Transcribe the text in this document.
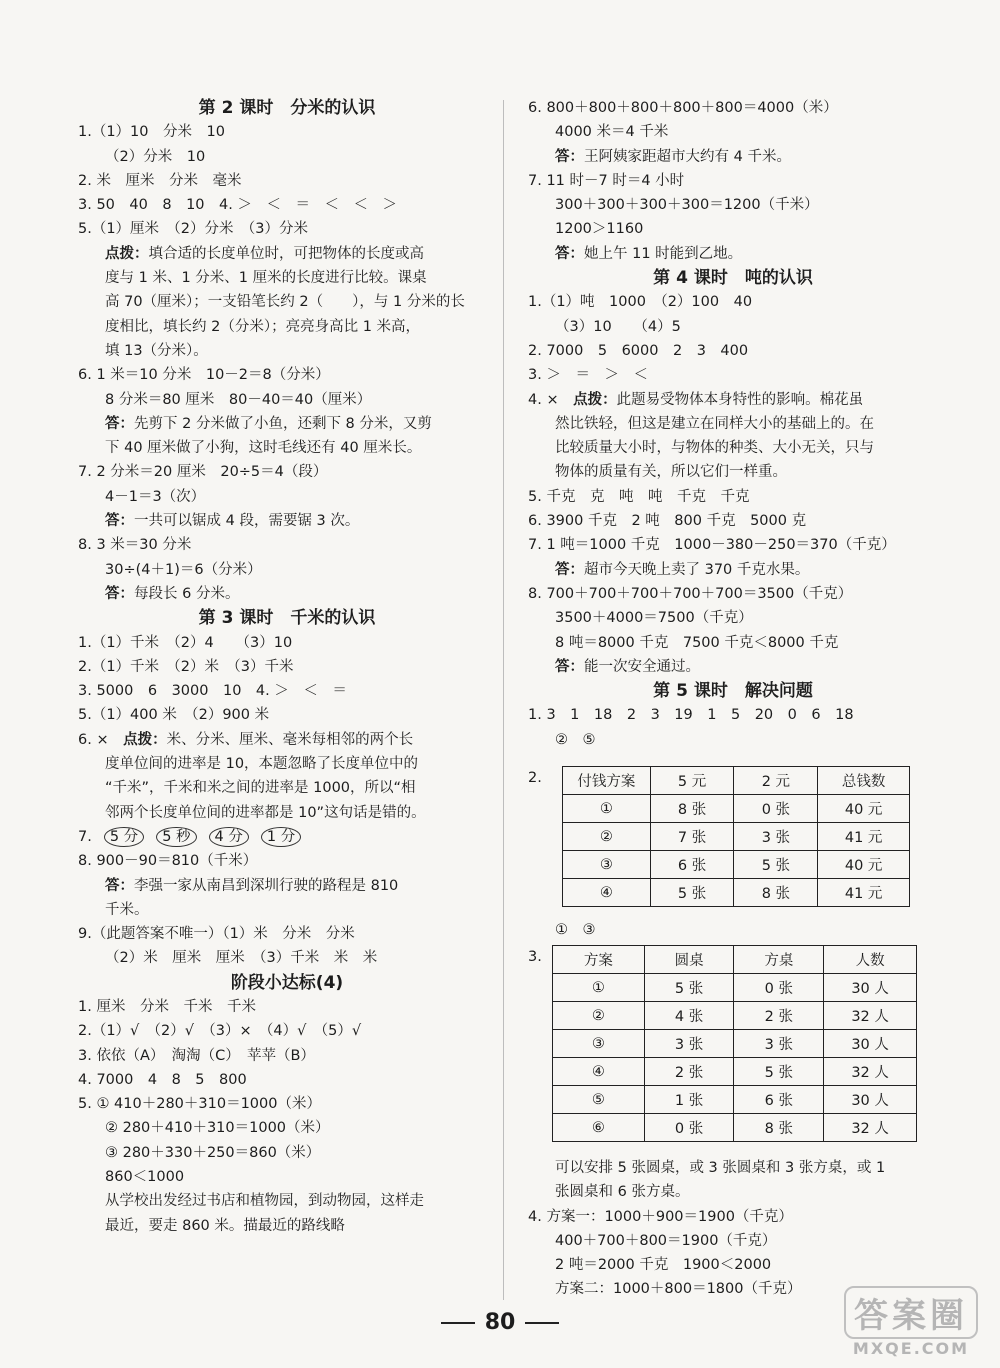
第 2 课时　分米的认识
1.（1）10　分米　10
（2）分米　10
2. 米　厘米　分米　毫米
3. 50　40　8　10　4. ＞　＜　＝　＜　＜　＞
5.（1）厘米　（2）分米　（3）分米
点拨：填合适的长度单位时，可把物体的长度或高
度与 1 米、1 分米、1 厘米的长度进行比较。课桌
高 70（厘米）；一支铅笔长约 2（　　），与 1 分米的长
度相比，填长约 2（分米）；亮亮身高比 1 米高，
填 13（分米）。
6. 1 米＝10 分米　10－2＝8（分米）
8 分米＝80 厘米　80－40＝40（厘米）
答：先剪下 2 分米做了小鱼，还剩下 8 分米，又剪
下 40 厘米做了小狗，这时毛线还有 40 厘米长。
7. 2 分米＝20 厘米　20÷5＝4（段）
4－1＝3（次）
答：一共可以锯成 4 段，需要锯 3 次。
8. 3 米＝30 分米
30÷(4＋1)＝6（分米）
答：每段长 6 分米。
第 3 课时　千米的认识
1.（1）千米　（2）4　　（3）10
2.（1）千米　（2）米　（3）千米
3. 5000　6　3000　10　4. ＞　＜　＝
5.（1）400 米　（2）900 米
6. ×　点拨：米、分米、厘米、毫米每相邻的两个长
度单位间的进率是 10，本题忽略了长度单位中的
“千米”，千米和米之间的进率是 1000，所以“相
邻两个长度单位间的进率都是 10”这句话是错的。
7. 5 分 5 秒 4 分 1 分
8. 900－90＝810（千米）
答：李强一家从南昌到深圳行驶的路程是 810
千米。
9.（此题答案不唯一）（1）米　分米　分米
（2）米　厘米　厘米　（3）千米　米　米
阶段小达标(4)
1. 厘米　分米　千米　千米
2.（1）√　（2）√　（3）×　（4）√　（5）√
3. 依依（A）　淘淘（C）　苹苹（B）
4. 7000　4　8　5　800
5. ① 410＋280＋310＝1000（米）
② 280＋410＋310＝1000（米）
③ 280＋330＋250＝860（米）
860＜1000
从学校出发经过书店和植物园，到动物园，这样走
最近，要走 860 米。描最近的路线略
6. 800＋800＋800＋800＋800＝4000（米）
4000 米＝4 千米
答：王阿姨家距超市大约有 4 千米。
7. 11 时－7 时＝4 小时
300＋300＋300＋300＝1200（千米）
1200＞1160
答：她上午 11 时能到乙地。
第 4 课时　吨的认识
1.（1）吨　1000　（2）100　40
（3）10　　（4）5
2. 7000　5　6000　2　3　400
3. ＞　＝　＞　＜
4. ×　点拨：此题易受物体本身特性的影响。棉花虽
然比铁轻，但这是建立在同样大小的基础上的。在
比较质量大小时，与物体的种类、大小无关，只与
物体的质量有关，所以它们一样重。
5. 千克　克　吨　吨　千克　千克
6. 3900 千克　2 吨　800 千克　5000 克
7. 1 吨＝1000 千克　1000－380－250＝370（千克）
答：超市今天晚上卖了 370 千克水果。
8. 700＋700＋700＋700＋700＝3500（千克）
3500＋4000＝7500（千克）
8 吨＝8000 千克　7500 千克＜8000 千克
答：能一次安全通过。
第 5 课时　解决问题
1. 3　1　18　2　3　19　1　5　20　0　6　18
②　⑤
2. 付钱方案	5 元	2 元	总钱数
①	8 张	0 张	40 元
②	7 张	3 张	41 元
③	6 张	5 张	40 元
④	5 张	8 张	41 元
①　③
3.	方案	圆桌	方桌	人数
①	5 张	0 张	30 人
②	4 张	2 张	32 人
③	3 张	3 张	30 人
④	2 张	5 张	32 人
⑤	1 张	6 张	30 人
⑥	0 张	8 张	32 人
可以安排 5 张圆桌，或 3 张圆桌和 3 张方桌，或 1
张圆桌和 6 张方桌。
4. 方案一：1000＋900＝1900（千克）
400＋700＋800＝1900（千克）
2 吨＝2000 千克　1900＜2000
方案二：1000＋800＝1800（千克）
80	答案圈
MXQE.COM
